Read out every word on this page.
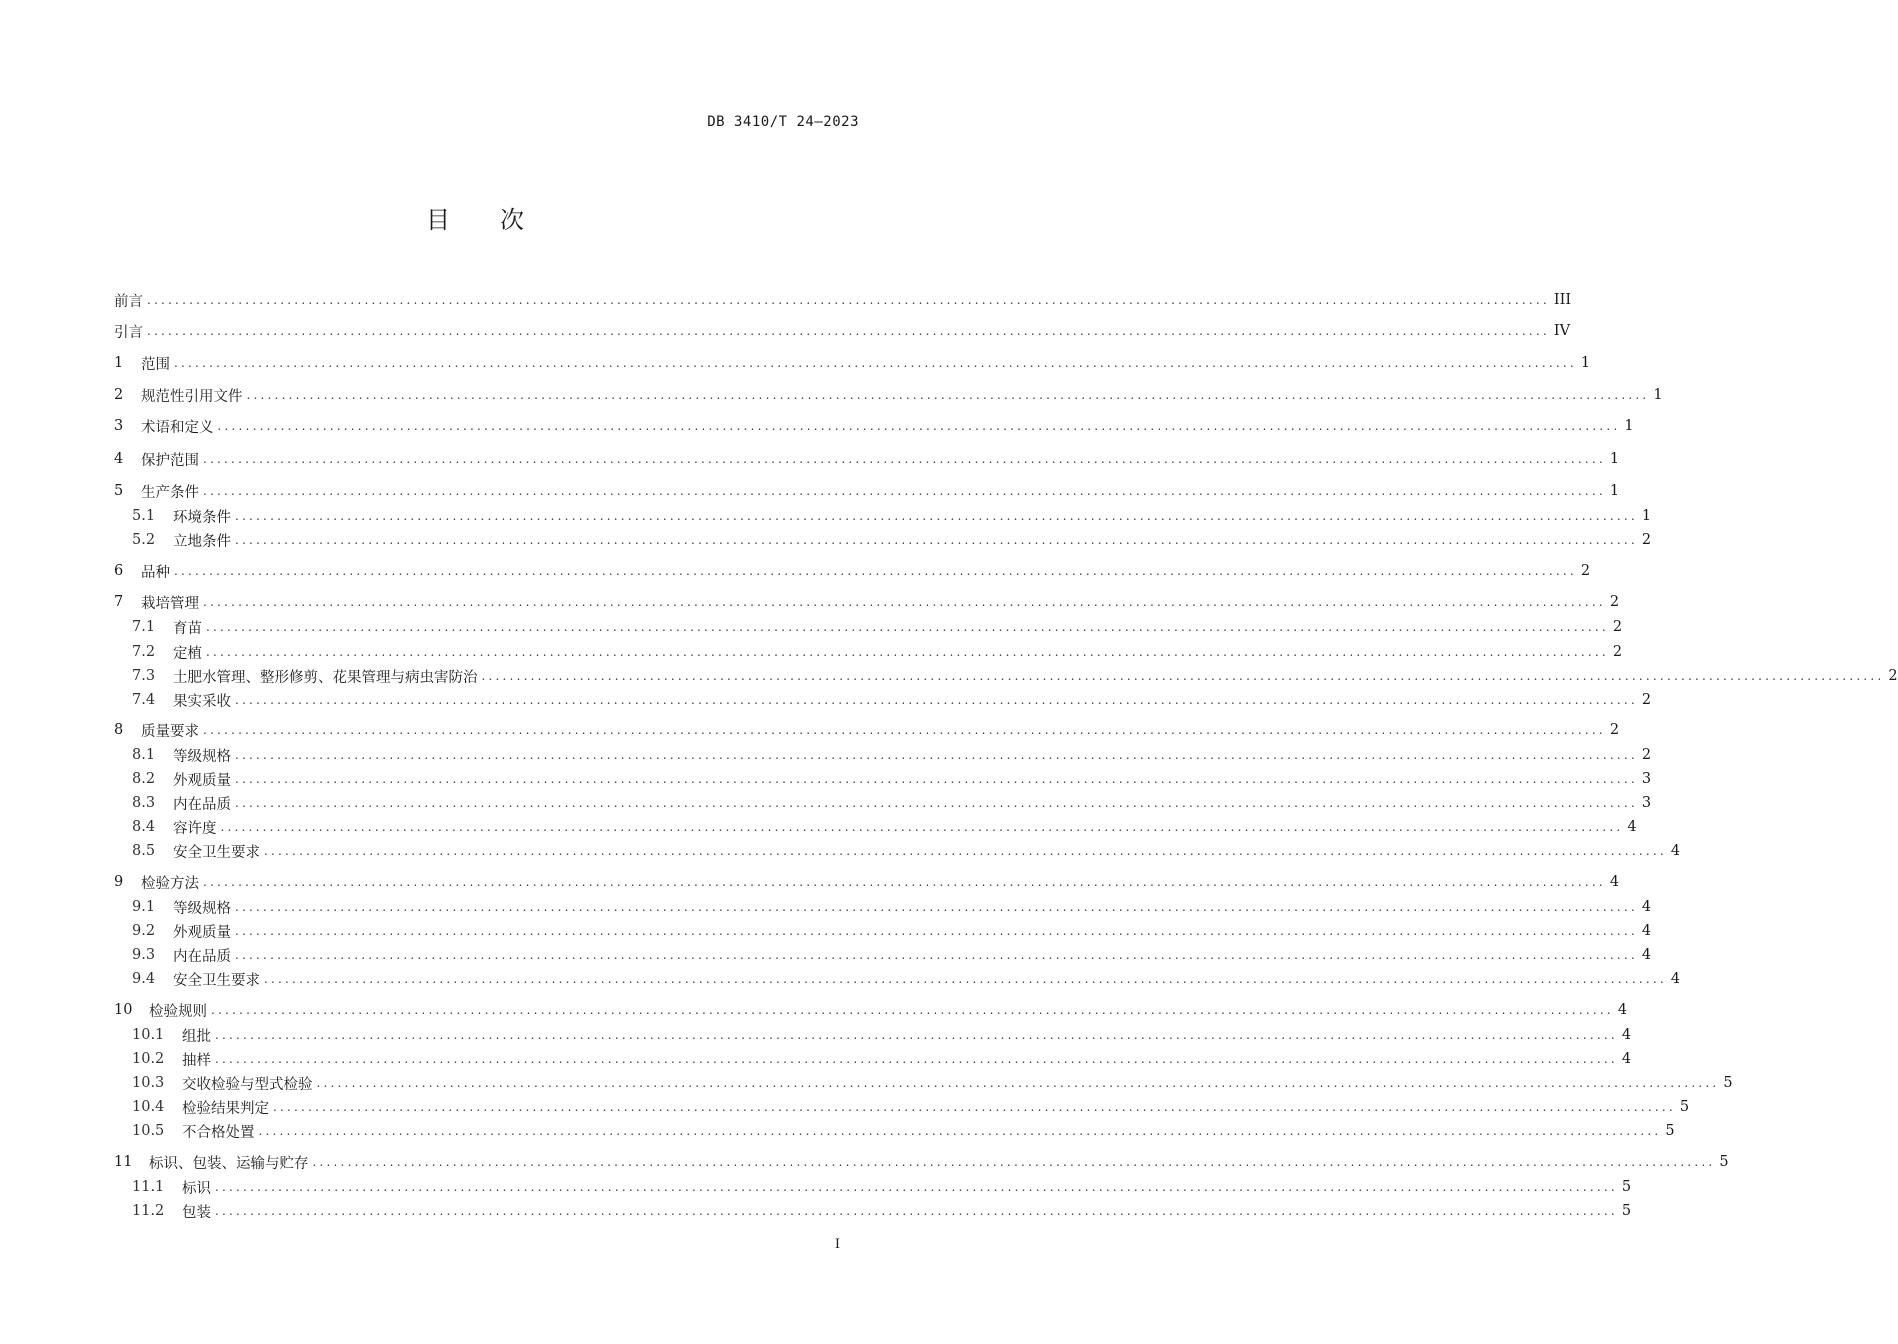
DB 3410/T 24—2023
目次
前言 ........................................................................................................................................................................................................ III
引言 ........................................................................................................................................................................................................ IV
1	范围 ........................................................................................................................................................................................................ 1
2	规范性引用文件 ........................................................................................................................................................................................................ 1
3	术语和定义 ........................................................................................................................................................................................................ 1
4	保护范围 ........................................................................................................................................................................................................ 1
5	生产条件 ........................................................................................................................................................................................................ 1
5.1	环境条件 ........................................................................................................................................................................................................ 1
5.2	立地条件 ........................................................................................................................................................................................................ 2
6	品种 ........................................................................................................................................................................................................ 2
7	栽培管理 ........................................................................................................................................................................................................ 2
7.1	育苗 ........................................................................................................................................................................................................ 2
7.2	定植 ........................................................................................................................................................................................................ 2
7.3	土肥水管理、整形修剪、花果管理与病虫害防治 ........................................................................................................................................................................................................ 2
7.4	果实采收 ........................................................................................................................................................................................................ 2
8	质量要求 ........................................................................................................................................................................................................ 2
8.1	等级规格 ........................................................................................................................................................................................................ 2
8.2	外观质量 ........................................................................................................................................................................................................ 3
8.3	内在品质 ........................................................................................................................................................................................................ 3
8.4	容许度 ........................................................................................................................................................................................................ 4
8.5	安全卫生要求 ........................................................................................................................................................................................................ 4
9	检验方法 ........................................................................................................................................................................................................ 4
9.1	等级规格 ........................................................................................................................................................................................................ 4
9.2	外观质量 ........................................................................................................................................................................................................ 4
9.3	内在品质 ........................................................................................................................................................................................................ 4
9.4	安全卫生要求 ........................................................................................................................................................................................................ 4
10	检验规则 ........................................................................................................................................................................................................ 4
10.1	组批 ........................................................................................................................................................................................................ 4
10.2	抽样 ........................................................................................................................................................................................................ 4
10.3	交收检验与型式检验 ........................................................................................................................................................................................................ 5
10.4	检验结果判定 ........................................................................................................................................................................................................ 5
10.5	不合格处置 ........................................................................................................................................................................................................ 5
11	标识、包装、运输与贮存 ........................................................................................................................................................................................................ 5
11.1	标识 ........................................................................................................................................................................................................ 5
11.2	包装 ........................................................................................................................................................................................................ 5
I
